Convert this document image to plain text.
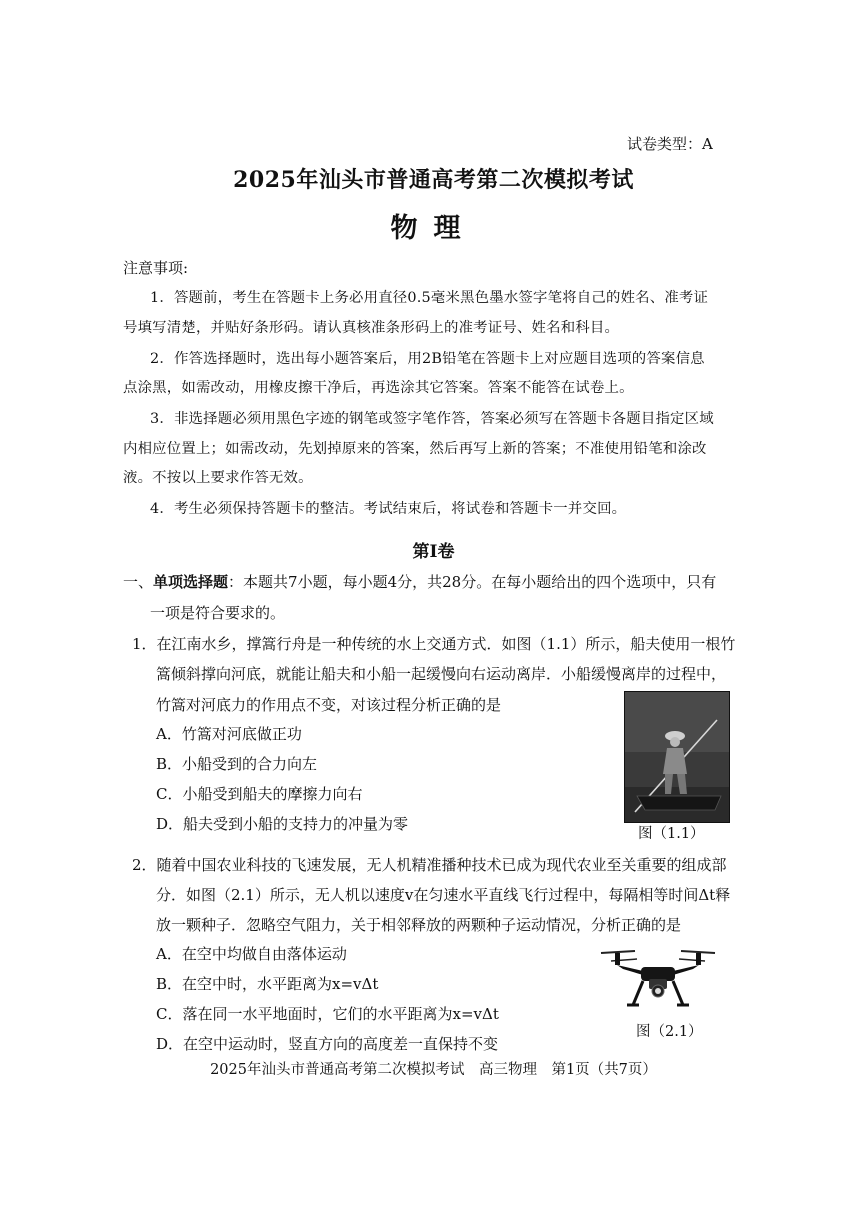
试卷类型：A
2025年汕头市普通高考第二次模拟考试
物理
注意事项:
1．答题前，考生在答题卡上务必用直径0.5毫米黑色墨水签字笔将自己的姓名、准考证
号填写清楚，并贴好条形码。请认真核准条形码上的准考证号、姓名和科目。
2．作答选择题时，选出每小题答案后，用2B铅笔在答题卡上对应题目选项的答案信息
点涂黑，如需改动，用橡皮擦干净后，再选涂其它答案。答案不能答在试卷上。
3．非选择题必须用黑色字迹的钢笔或签字笔作答，答案必须写在答题卡各题目指定区域
内相应位置上；如需改动，先划掉原来的答案，然后再写上新的答案；不准使用铅笔和涂改
液。不按以上要求作答无效。
4．考生必须保持答题卡的整洁。考试结束后，将试卷和答题卡一并交回。
第Ⅰ卷
一、单项选择题：本题共7小题，每小题4分，共28分。在每小题给出的四个选项中，只有
一项是符合要求的。
1．在江南水乡，撑篙行舟是一种传统的水上交通方式．如图（1.1）所示，船夫使用一根竹
篙倾斜撑向河底，就能让船夫和小船一起缓慢向右运动离岸．小船缓慢离岸的过程中，
竹篙对河底力的作用点不变，对该过程分析正确的是
A．竹篙对河底做正功
B．小船受到的合力向左
C．小船受到船夫的摩擦力向右
D．船夫受到小船的支持力的冲量为零
图（1.1）
2．随着中国农业科技的飞速发展，无人机精准播种技术已成为现代农业至关重要的组成部
分．如图（2.1）所示，无人机以速度v在匀速水平直线飞行过程中，每隔相等时间Δt释
放一颗种子．忽略空气阻力，关于相邻释放的两颗种子运动情况，分析正确的是
A．在空中均做自由落体运动
B．在空中时，水平距离为x=vΔt
C．落在同一水平地面时，它们的水平距离为x=vΔt
D．在空中运动时，竖直方向的高度差一直保持不变
图（2.1）
2025年汕头市普通高考第二次模拟考试　高三物理　第1页（共7页）
